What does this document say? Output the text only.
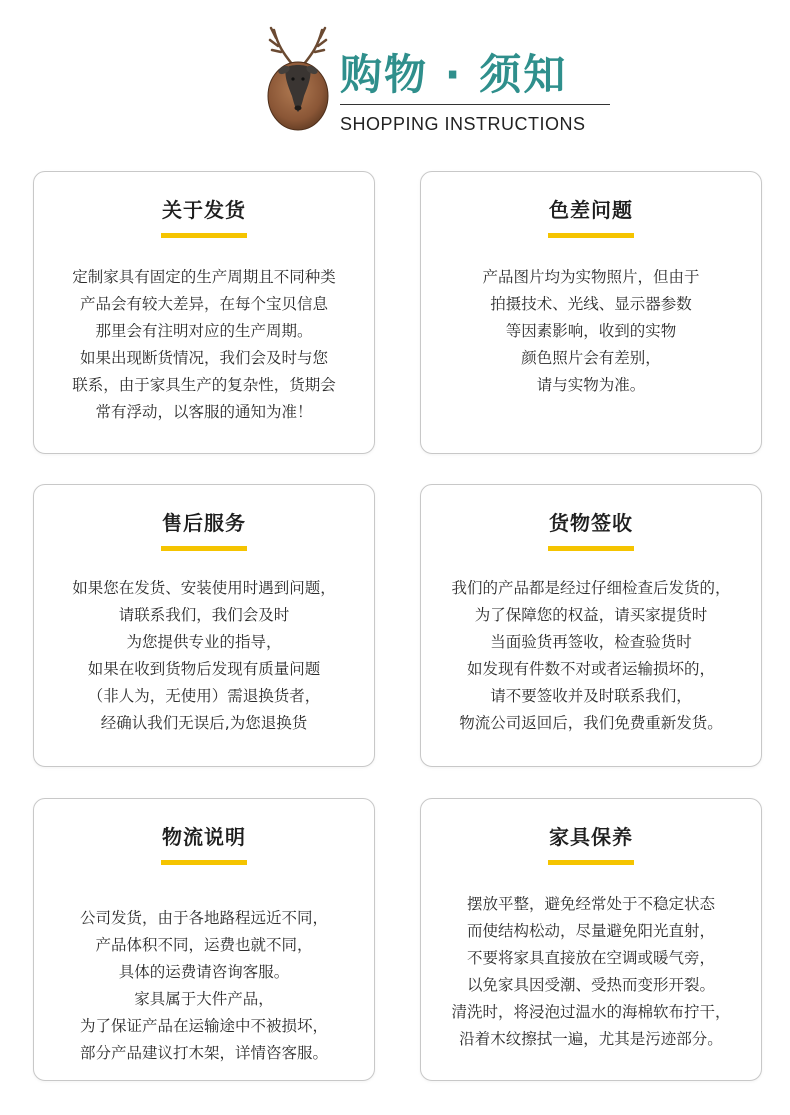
购物 · 须知
SHOPPING INSTRUCTIONS
关于发货
定制家具有固定的生产周期且不同种类
产品会有较大差异，在每个宝贝信息
那里会有注明对应的生产周期。
如果出现断货情况，我们会及时与您
联系，由于家具生产的复杂性，货期会
常有浮动，以客服的通知为准！
色差问题
产品图片均为实物照片，但由于
拍摄技术、光线、显示器参数
等因素影响，收到的实物
颜色照片会有差别，
请与实物为准。
售后服务
如果您在发货、安装使用时遇到问题，
请联系我们，我们会及时
为您提供专业的指导，
如果在收到货物后发现有质量问题
（非人为，无使用）需退换货者，
经确认我们无误后,为您退换货
货物签收
我们的产品都是经过仔细检查后发货的，
为了保障您的权益，请买家提货时
当面验货再签收，检查验货时
如发现有件数不对或者运输损坏的，
请不要签收并及时联系我们，
物流公司返回后，我们免费重新发货。
物流说明
公司发货，由于各地路程远近不同，
产品体积不同，运费也就不同，
具体的运费请咨询客服。
家具属于大件产品，
为了保证产品在运输途中不被损坏，
部分产品建议打木架，详情咨客服。
家具保养
摆放平整，避免经常处于不稳定状态
而使结构松动，尽量避免阳光直射，
不要将家具直接放在空调或暖气旁，
以免家具因受潮、受热而变形开裂。
清洗时，将浸泡过温水的海棉软布拧干，
沿着木纹擦拭一遍，尤其是污迹部分。
